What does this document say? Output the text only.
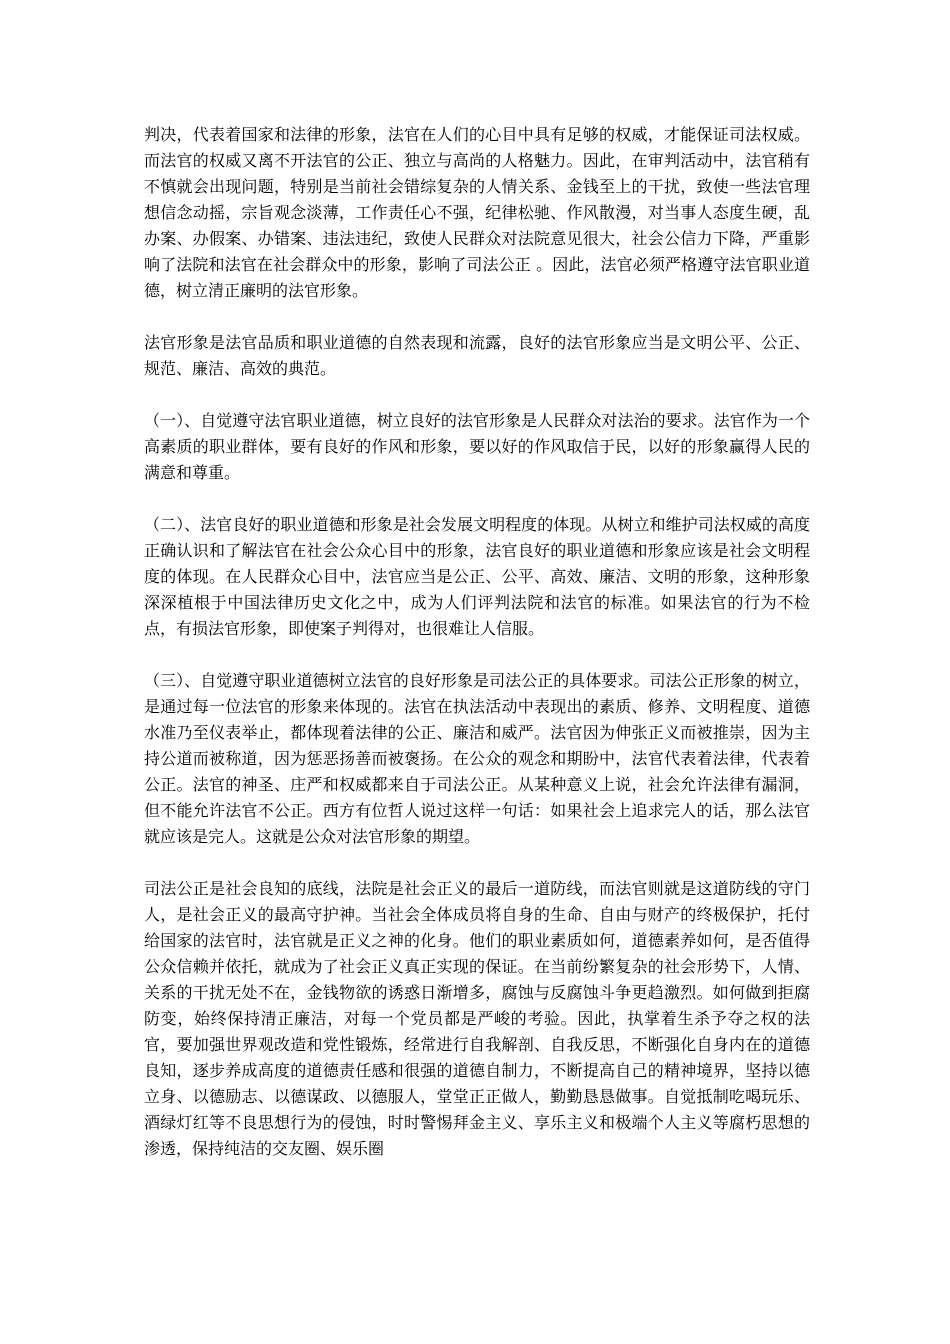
判决，代表着国家和法律的形象，法官在人们的心目中具有足够的权威，才能保证司法权威。而法官的权威又离不开法官的公正、独立与高尚的人格魅力。因此，在审判活动中，法官稍有不慎就会出现问题，特别是当前社会错综复杂的人情关系、金钱至上的干扰，致使一些法官理想信念动摇，宗旨观念淡薄，工作责任心不强，纪律松驰、作风散漫，对当事人态度生硬，乱办案、办假案、办错案、违法违纪，致使人民群众对法院意见很大，社会公信力下降，严重影响了法院和法官在社会群众中的形象，影响了司法公正 。因此，法官必须严格遵守法官职业道德，树立清正廉明的法官形象。

法官形象是法官品质和职业道德的自然表现和流露，良好的法官形象应当是文明公平、公正、规范、廉洁、高效的典范。

（一）、自觉遵守法官职业道德，树立良好的法官形象是人民群众对法治的要求。法官作为一个高素质的职业群体，要有良好的作风和形象，要以好的作风取信于民，以好的形象赢得人民的满意和尊重。

（二）、法官良好的职业道德和形象是社会发展文明程度的体现。从树立和维护司法权威的高度正确认识和了解法官在社会公众心目中的形象，法官良好的职业道德和形象应该是社会文明程度的体现。在人民群众心目中，法官应当是公正、公平、高效、廉洁、文明的形象，这种形象深深植根于中国法律历史文化之中，成为人们评判法院和法官的标准。如果法官的行为不检点，有损法官形象，即使案子判得对，也很难让人信服。

（三）、自觉遵守职业道德树立法官的良好形象是司法公正的具体要求。司法公正形象的树立，是通过每一位法官的形象来体现的。法官在执法活动中表现出的素质、修养、文明程度、道德水准乃至仪表举止，都体现着法律的公正、廉洁和威严。法官因为伸张正义而被推崇，因为主持公道而被称道，因为惩恶扬善而被褒扬。在公众的观念和期盼中，法官代表着法律，代表着公正。法官的神圣、庄严和权威都来自于司法公正。从某种意义上说，社会允许法律有漏洞，但不能允许法官不公正。西方有位哲人说过这样一句话：如果社会上追求完人的话，那么法官就应该是完人。这就是公众对法官形象的期望。

司法公正是社会良知的底线，法院是社会正义的最后一道防线，而法官则就是这道防线的守门人，是社会正义的最高守护神。当社会全体成员将自身的生命、自由与财产的终极保护，托付给国家的法官时，法官就是正义之神的化身。他们的职业素质如何，道德素养如何，是否值得公众信赖并依托，就成为了社会正义真正实现的保证。在当前纷繁复杂的社会形势下，人情、关系的干扰无处不在，金钱物欲的诱惑日渐增多，腐蚀与反腐蚀斗争更趋激烈。如何做到拒腐防变，始终保持清正廉洁，对每一个党员都是严峻的考验。因此，执掌着生杀予夺之权的法官，要加强世界观改造和党性锻炼，经常进行自我解剖、自我反思，不断强化自身内在的道德良知，逐步养成高度的道德责任感和很强的道德自制力，不断提高自己的精神境界，坚持以德立身、以德励志、以德谋政、以德服人，堂堂正正做人，勤勤恳恳做事。自觉抵制吃喝玩乐、酒绿灯红等不良思想行为的侵蚀，时时警惕拜金主义、享乐主义和极端个人主义等腐朽思想的渗透，保持纯洁的交友圈、娱乐圈
